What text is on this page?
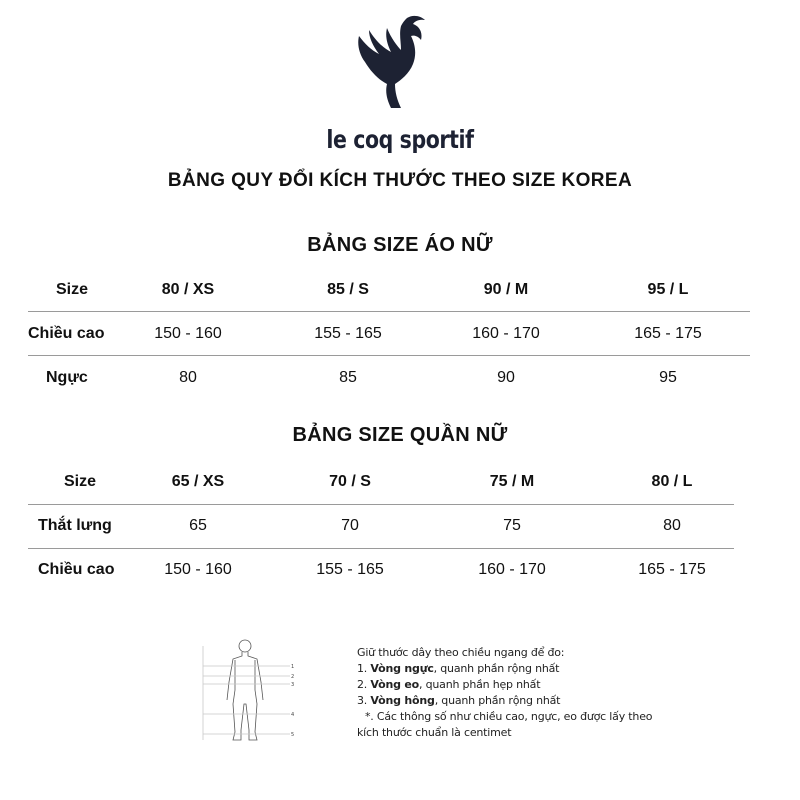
le coq sportif
BẢNG QUY ĐỔI KÍCH THƯỚC THEO SIZE KOREA
BẢNG SIZE ÁO NỮ
Size	80 / XS	85 / S	90 / M	95 / L
Chiều cao	150 - 160	155 - 165	160 - 170	165 - 175
Ngực	80	85	90	95
BẢNG SIZE QUẦN NỮ
Size	65 / XS	70 / S	75 / M	80 / L
Thắt lưng	65	70	75	80
Chiều cao	150 - 160	155 - 165	160 - 170	165 - 175
1
2
3
4
5
Giữ thước dây theo chiều ngang để đo:
1. Vòng ngực, quanh phần rộng nhất
2. Vòng eo, quanh phần hẹp nhất
3. Vòng hông, quanh phần rộng nhất
*. Các thông số như chiều cao, ngực, eo được lấy theo
kích thước chuẩn là centimet
